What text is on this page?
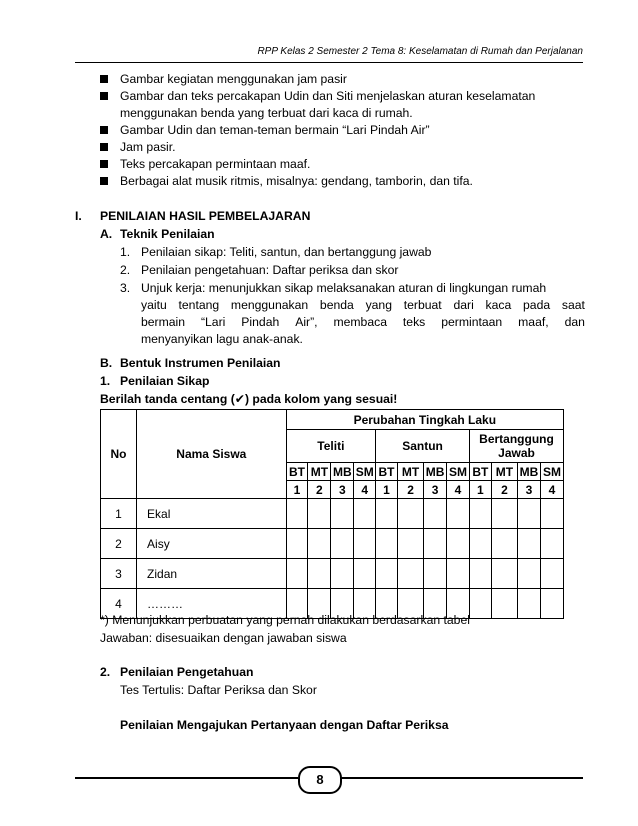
RPP Kelas 2 Semester 2 Tema 8: Keselamatan di Rumah dan Perjalanan
Gambar kegiatan menggunakan jam pasir
Gambar dan teks percakapan Udin dan Siti menjelaskan aturan keselamatan
menggunakan benda yang terbuat dari kaca di rumah.
Gambar Udin dan teman-teman bermain “Lari Pindah Air”
Jam pasir.
Teks percakapan permintaan maaf.
Berbagai alat musik ritmis, misalnya: gendang, tamborin, dan tifa.
I. PENILAIAN HASIL PEMBELAJARAN
A. Teknik Penilaian
1. Penilaian sikap: Teliti, santun, dan bertanggung jawab
2. Penilaian pengetahuan: Daftar periksa dan skor
3. Unjuk kerja: menunjukkan sikap melaksanakan aturan di lingkungan rumah
yaitu tentang menggunakan benda yang terbuat dari kaca pada saat
bermain “Lari Pindah Air”, membaca teks permintaan maaf, dan
menyanyikan lagu anak-anak.
B. Bentuk Instrumen Penilaian
1. Penilaian Sikap
Berilah tanda centang (✔) pada kolom yang sesuai!
No	Nama Siswa	Perubahan Tingkah Laku											
		Teliti				Santun				Bertanggung
Jawab			

		BT	MT	MB	SM	BT	MT	MB	SM	BT	MT	MB	SM
		1	2	3	4	1	2	3	4	1	2	3	4
1	Ekal												
2	Aisy												
3	Zidan												
4	………												
*) Menunjukkan perbuatan yang pernah dilakukan berdasarkan tabel
Jawaban: disesuaikan dengan jawaban siswa
2. Penilaian Pengetahuan
Tes Tertulis: Daftar Periksa dan Skor
Penilaian Mengajukan Pertanyaan dengan Daftar Periksa
8
